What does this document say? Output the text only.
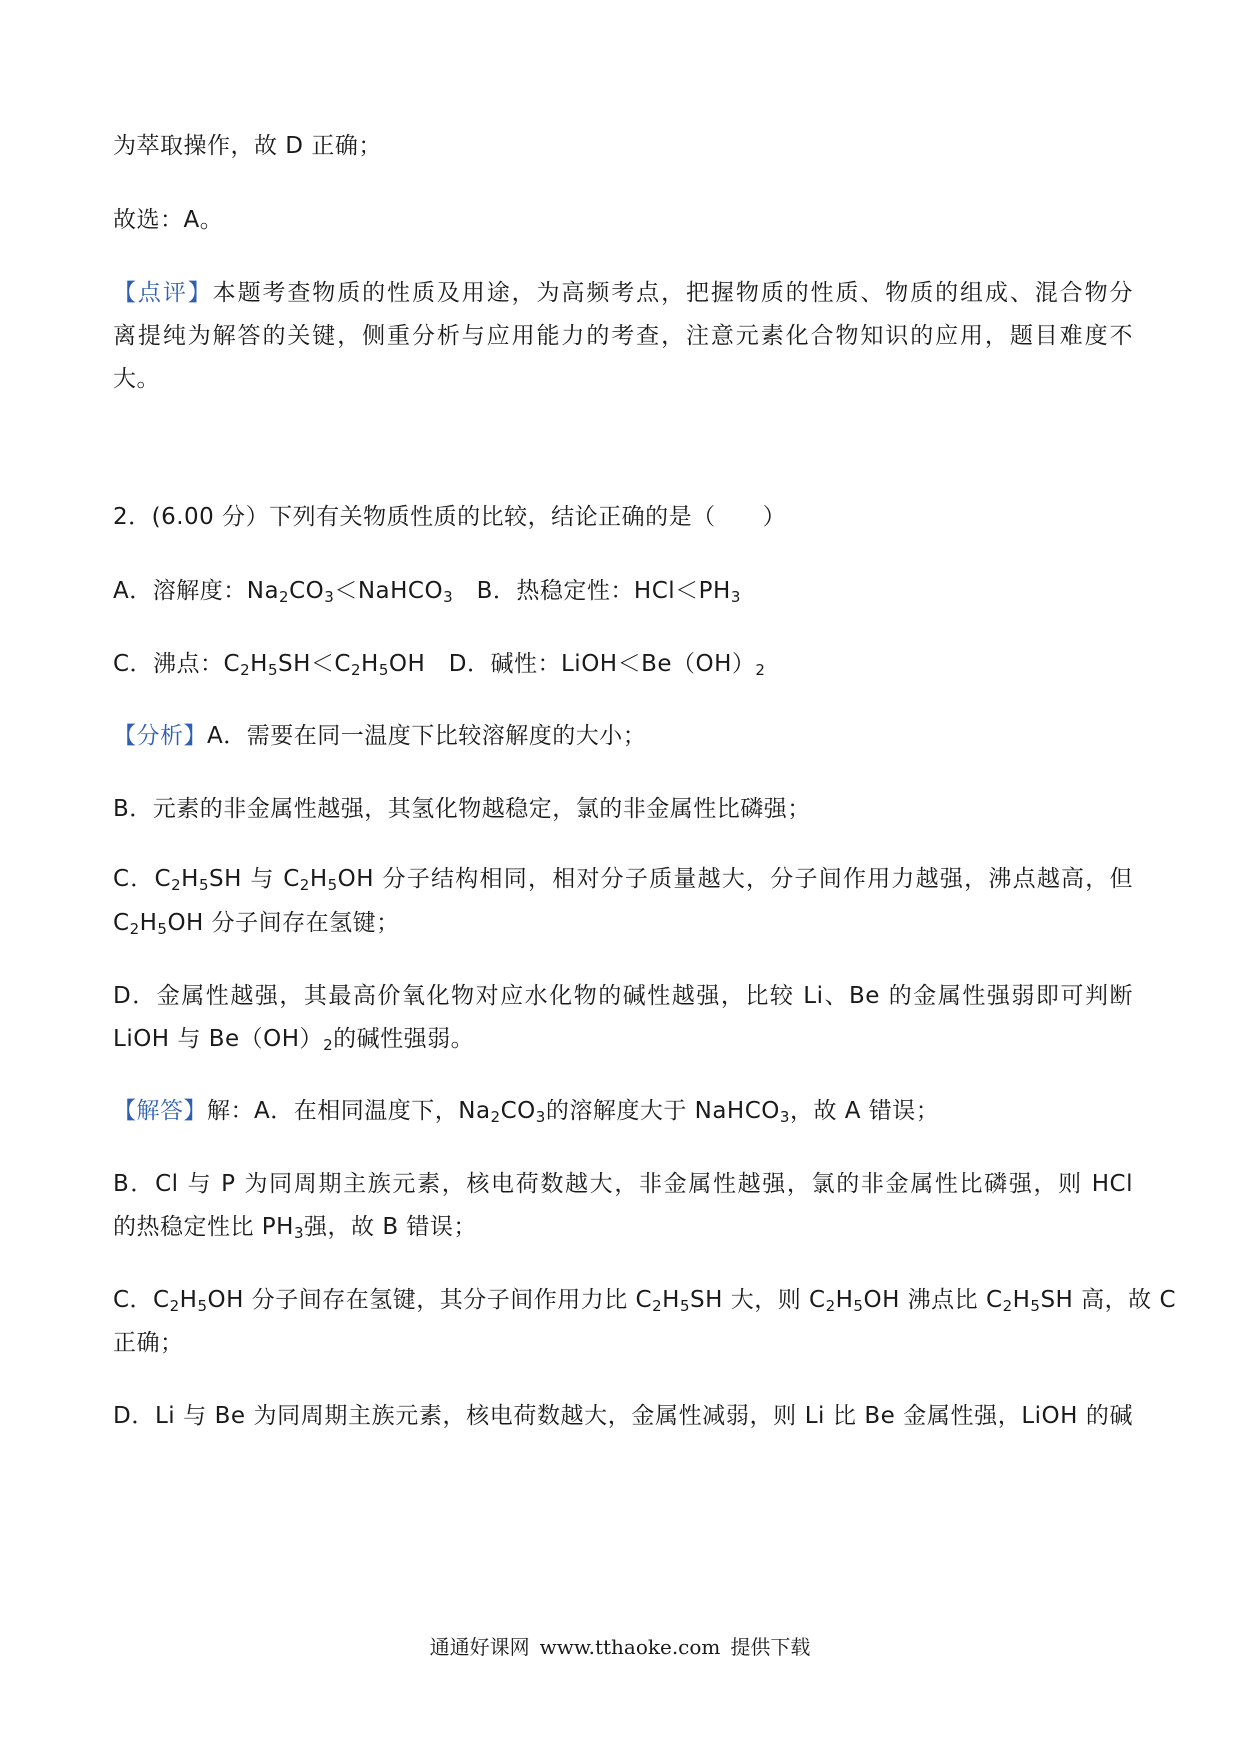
为萃取操作，故 D 正确；
故选：A。
【点评】本题考查物质的性质及用途，为高频考点，把握物质的性质、物质的组成、混合物分
离提纯为解答的关键，侧重分析与应用能力的考查，注意元素化合物知识的应用，题目难度不
大。
2．(6.00 分）下列有关物质性质的比较，结论正确的是（　　）
A．溶解度：$Na_2CO_3<NaHCO_3$　B．热稳定性：$HCl<PH_3$
C．沸点：$C_2H_5SH<C_2H_5OH$　D．碱性：$LiOH<Be(OH)_2$
【分析】A．需要在同一温度下比较溶解度的大小；
B．元素的非金属性越强，其氢化物越稳定，氯的非金属性比磷强；
C．$C_2H_5SH$ 与 $C_2H_5OH$ 分子结构相同，相对分子质量越大，分子间作用力越强，沸点越高，但
$C_2H_5OH$ 分子间存在氢键；
D．金属性越强，其最高价氧化物对应水化物的碱性越强，比较 Li、Be 的金属性强弱即可判断
LiOH 与 $Be(OH)_2$的碱性强弱。
【解答】解：A．在相同温度下，$Na_2CO_3$的溶解度大于 NaHCO$_3$，故 A 错误；
B．Cl 与 P 为同周期主族元素，核电荷数越大，非金属性越强，氯的非金属性比磷强，则 HCl
的热稳定性比 $PH_3$强，故 B 错误；
C．$C_2H_5OH$ 分子间存在氢键，其分子间作用力比 $C_2H_5SH$ 大，则 $C_2H_5OH$ 沸点比 $C_2H_5SH$ 高，故 C
正确；
D．Li 与 Be 为同周期主族元素，核电荷数越大，金属性减弱，则 Li 比 Be 金属性强，LiOH 的碱
通通好课网 www.tthaoke.com 提供下载
